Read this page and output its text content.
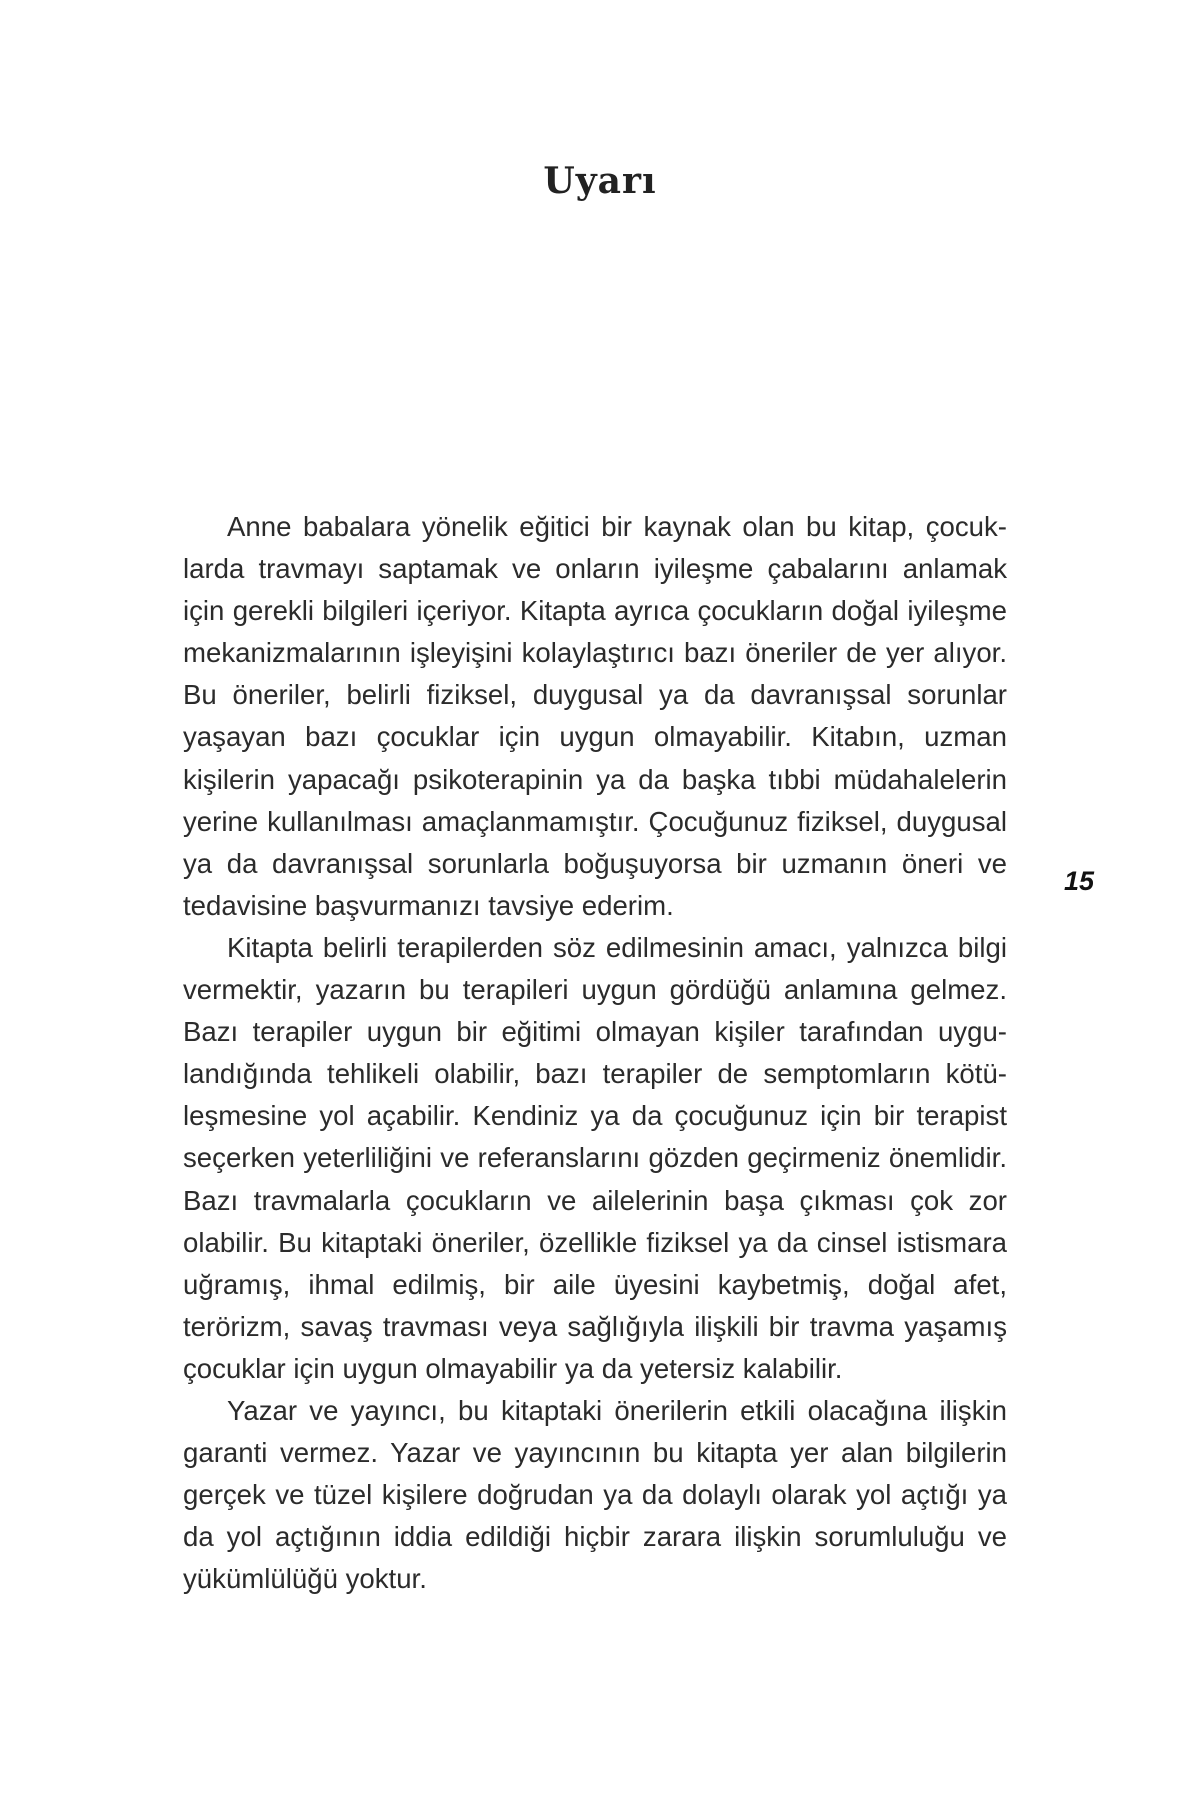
Uyarı

Anne babalara yönelik eğitici bir kaynak olan bu kitap, çocuklarda travmayı saptamak ve onların iyileşme çabalarını anlamak için gerekli bilgileri içeriyor. Kitapta ayrıca çocukların doğal iyileşme mekanizmalarının işleyişini kolaylaştırıcı bazı öneriler de yer alıyor. Bu öneriler, belirli fiziksel, duygusal ya da davranışsal sorunlar yaşayan bazı çocuklar için uygun olmayabilir. Kitabın, uzman kişilerin yapacağı psikoterapinin ya da başka tıbbi müdahalelerin yerine kullanılması amaçlanmamıştır. Çocuğunuz fiziksel, duygusal ya da davranışsal sorunlarla boğuşuyorsa bir uzmanın öneri ve tedavisine başvurmanızı tavsiye ederim.

Kitapta belirli terapilerden söz edilmesinin amacı, yalnızca bilgi vermektir, yazarın bu terapileri uygun gördüğü anlamına gelmez. Bazı terapiler uygun bir eğitimi olmayan kişiler tarafından uygulandığında tehlikeli olabilir, bazı terapiler de semptomların kötüleşmesine yol açabilir. Kendiniz ya da çocuğunuz için bir terapist seçerken yeterliliğini ve referanslarını gözden geçirmeniz önemlidir. Bazı travmalarla çocukların ve ailelerinin başa çıkması çok zor olabilir. Bu kitaptaki öneriler, özellikle fiziksel ya da cinsel istismara uğramış, ihmal edilmiş, bir aile üyesini kaybetmiş, doğal afet, terörizm, savaş travması veya sağlığıyla ilişkili bir travma yaşamış çocuklar için uygun olmayabilir ya da yetersiz kalabilir.

Yazar ve yayıncı, bu kitaptaki önerilerin etkili olacağına ilişkin garanti vermez. Yazar ve yayıncının bu kitapta yer alan bilgilerin gerçek ve tüzel kişilere doğrudan ya da dolaylı olarak yol açtığı ya da yol açtığının iddia edildiği hiçbir zarara ilişkin sorumluluğu ve yükümlülüğü yoktur.

15
